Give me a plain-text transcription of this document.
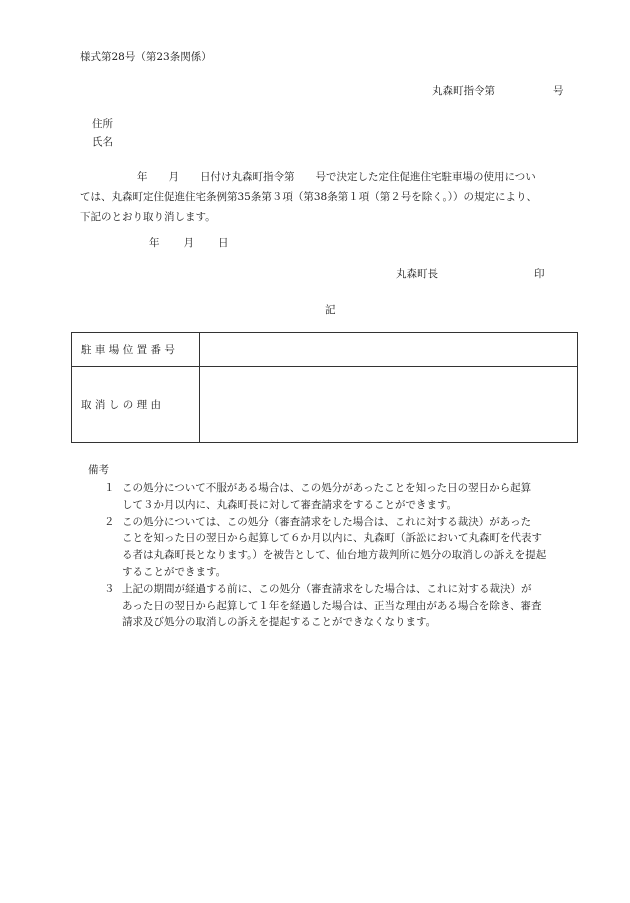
様式第28号（第23条関係）
丸森町指令第	号
住所
氏名

年　　月　　日付け丸森町指令第　　号で決定した定住促進住宅駐車場の使用につい

ては、丸森町定住促進住宅条例第35条第３項（第38条第１項（第２号を除く。））の規定により、

下記のとおり取り消します。

年 月 日
丸森町長	印
記
駐車場位置番号	
取消しの理由	
備考

１ この処分について不服がある場合は、この処分があったことを知った日の翌日から起算

して３か月以内に、丸森町長に対して審査請求をすることができます。

２ この処分については、この処分（審査請求をした場合は、これに対する裁決）があった

ことを知った日の翌日から起算して６か月以内に、丸森町（訴訟において丸森町を代表す

る者は丸森町長となります。）を被告として、仙台地方裁判所に処分の取消しの訴えを提起

することができます。

３ 上記の期間が経過する前に、この処分（審査請求をした場合は、これに対する裁決）が

あった日の翌日から起算して１年を経過した場合は、正当な理由がある場合を除き、審査

請求及び処分の取消しの訴えを提起することができなくなります。
